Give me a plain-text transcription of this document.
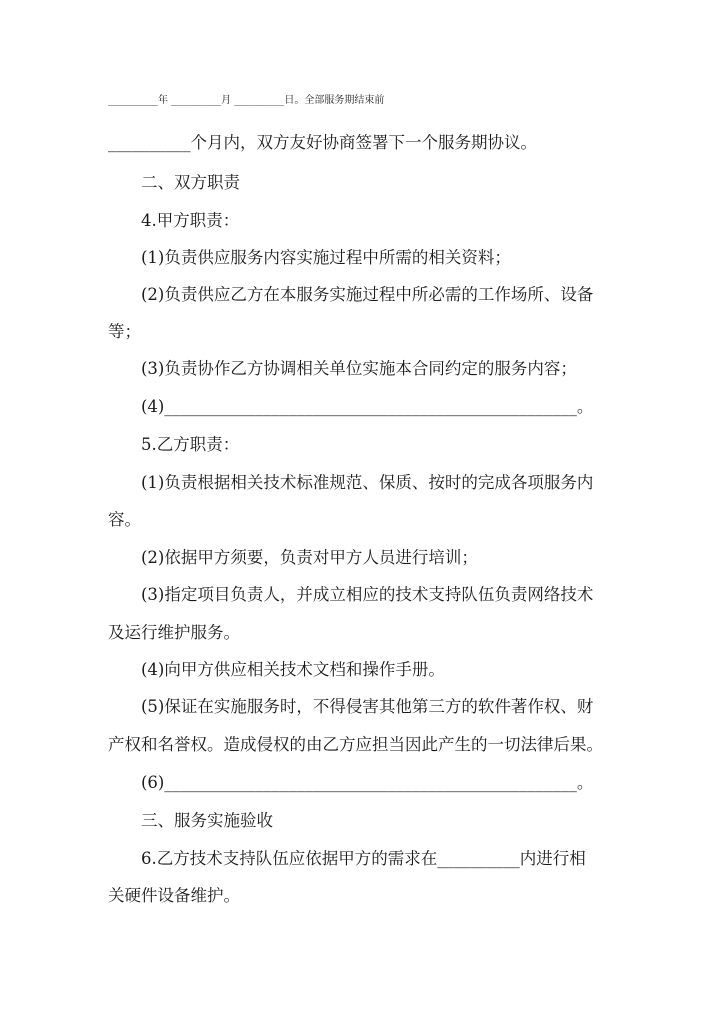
__________年 __________月 __________日。全部服务期结束前
__________个月内，双方友好协商签署下一个服务期协议。
二、双方职责
4.甲方职责：
(1)负责供应服务内容实施过程中所需的相关资料；
(2)负责供应乙方在本服务实施过程中所必需的工作场所、设备
等；
(3)负责协作乙方协调相关单位实施本合同约定的服务内容；
(4)__________________________________________________。
5.乙方职责：
(1)负责根据相关技术标准规范、保质、按时的完成各项服务内
容。
(2)依据甲方须要，负责对甲方人员进行培训；
(3)指定项目负责人，并成立相应的技术支持队伍负责网络技术
及运行维护服务。
(4)向甲方供应相关技术文档和操作手册。
(5)保证在实施服务时，不得侵害其他第三方的软件著作权、财
产权和名誉权。造成侵权的由乙方应担当因此产生的一切法律后果。
(6)__________________________________________________。
三、服务实施验收
6.乙方技术支持队伍应依据甲方的需求在__________内进行相
关硬件设备维护。
